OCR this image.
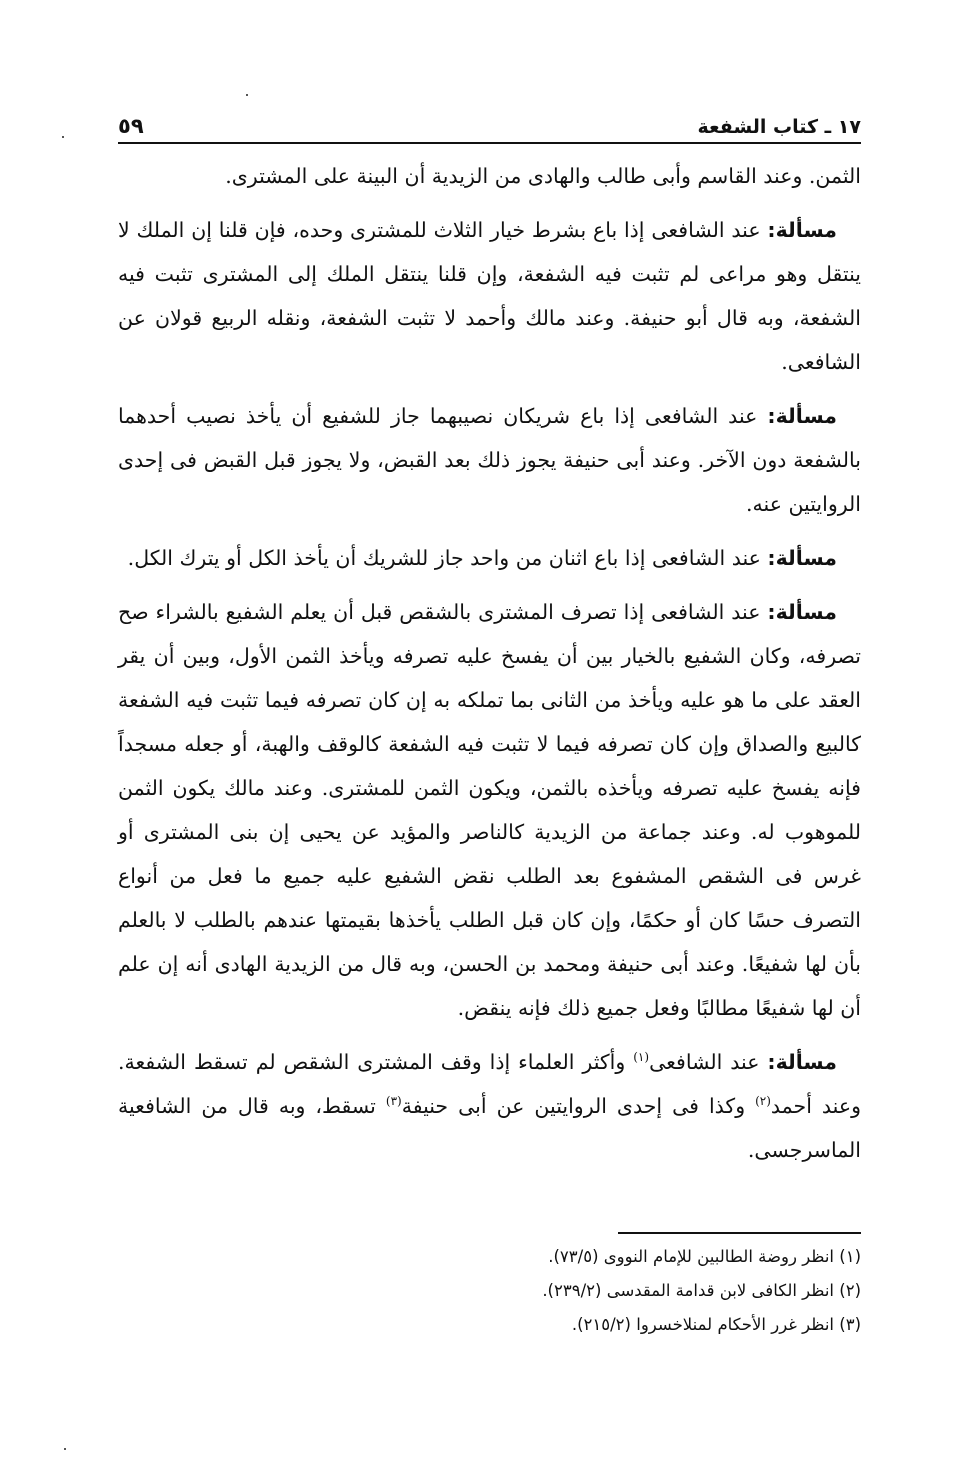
١٧ ـ كتاب الشفعة
٥٩

الثمن. وعند القاسم وأبى طالب والهادى من الزيدية أن البينة على المشترى.

مسألة: عند الشافعى إذا باع بشرط خيار الثلاث للمشترى وحده، فإن قلنا إن الملك لا ينتقل وهو مراعى لم تثبت فيه الشفعة، وإن قلنا ينتقل الملك إلى المشترى تثبت فيه الشفعة، وبه قال أبو حنيفة. وعند مالك وأحمد لا تثبت الشفعة، ونقله الربيع قولان عن الشافعى.

مسألة: عند الشافعى إذا باع شريكان نصيبهما جاز للشفيع أن يأخذ نصيب أحدهما بالشفعة دون الآخر. وعند أبى حنيفة يجوز ذلك بعد القبض، ولا يجوز قبل القبض فى إحدى الروايتين عنه.

مسألة: عند الشافعى إذا باع اثنان من واحد جاز للشريك أن يأخذ الكل أو يترك الكل.

مسألة: عند الشافعى إذا تصرف المشترى بالشقص قبل أن يعلم الشفيع بالشراء صح تصرفه، وكان الشفيع بالخيار بين أن يفسخ عليه تصرفه ويأخذ الثمن الأول، وبين أن يقر العقد على ما هو عليه ويأخذ من الثانى بما تملكه به إن كان تصرفه فيما تثبت فيه الشفعة كالبيع والصداق وإن كان تصرفه فيما لا تثبت فيه الشفعة كالوقف والهبة، أو جعله مسجداً فإنه يفسخ عليه تصرفه ويأخذه بالثمن، ويكون الثمن للمشترى. وعند مالك يكون الثمن للموهوب له. وعند جماعة من الزيدية كالناصر والمؤيد عن يحيى إن بنى المشترى أو غرس فى الشقص المشفوع بعد الطلب نقض الشفيع عليه جميع ما فعل من أنواع التصرف حسًا كان أو حكمًا، وإن كان قبل الطلب يأخذها بقيمتها عندهم بالطلب لا بالعلم بأن لها شفيعًا. وعند أبى حنيفة ومحمد بن الحسن، وبه قال من الزيدية الهادى أنه إن علم أن لها شفيعًا مطالبًا وفعل جميع ذلك فإنه ينقض.

مسألة: عند الشافعى$^{(١)}$ وأكثر العلماء إذا وقف المشترى الشقص لم تسقط الشفعة. وعند أحمد$^{(٢)}$ وكذا فى إحدى الروايتين عن أبى حنيفة$^{(٣)}$ تسقط، وبه قال من الشافعية الماسرجسى.

(١) انظر روضة الطالبين للإمام النووى (٧٣/٥).
(٢) انظر الكافى لابن قدامة المقدسى (٢٣٩/٢).
(٣) انظر غرر الأحكام لمنلاخسروا (٢١٥/٢).
